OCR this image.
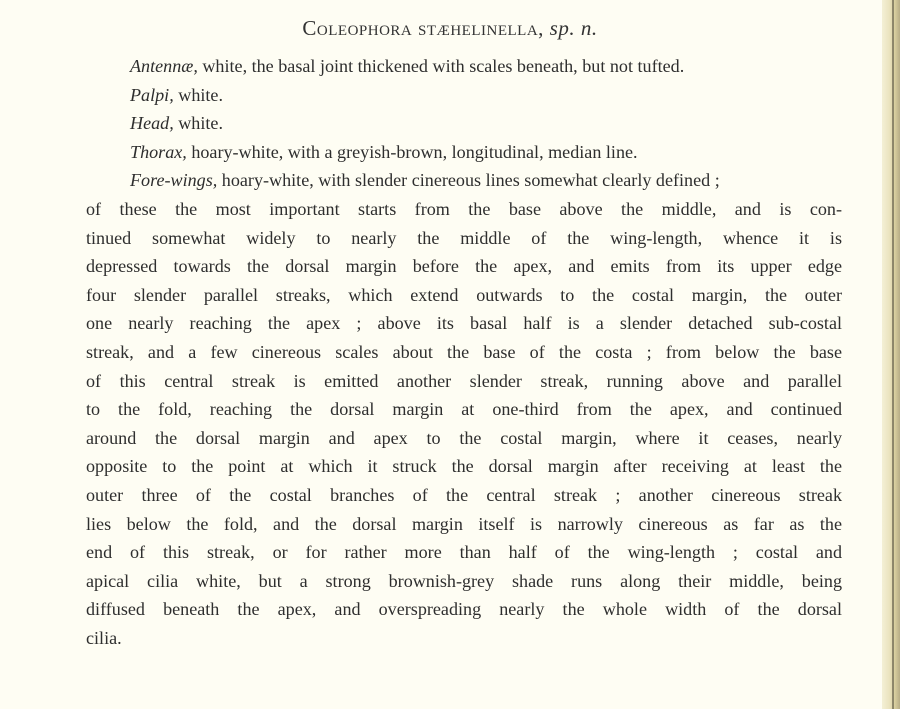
Coleophora stæhelinella, sp. n.
Antennæ, white, the basal joint thickened with scales beneath, but not tufted.
Palpi, white.
Head, white.
Thorax, hoary-white, with a greyish-brown, longitudinal, median line.
Fore-wings, hoary-white, with slender cinereous lines somewhat clearly defined ;
of these the most important starts from the base above the middle, and is con-
tinued somewhat widely to nearly the middle of the wing-length, whence it is
depressed towards the dorsal margin before the apex, and emits from its upper edge
four slender parallel streaks, which extend outwards to the costal margin, the outer
one nearly reaching the apex ; above its basal half is a slender detached sub-costal
streak, and a few cinereous scales about the base of the costa ; from below the base
of this central streak is emitted another slender streak, running above and parallel
to the fold, reaching the dorsal margin at one-third from the apex, and continued
around the dorsal margin and apex to the costal margin, where it ceases, nearly
opposite to the point at which it struck the dorsal margin after receiving at least the
outer three of the costal branches of the central streak ; another cinereous streak
lies below the fold, and the dorsal margin itself is narrowly cinereous as far as the
end of this streak, or for rather more than half of the wing-length ; costal and
apical cilia white, but a strong brownish-grey shade runs along their middle, being
diffused beneath the apex, and overspreading nearly the whole width of the dorsal
cilia.
